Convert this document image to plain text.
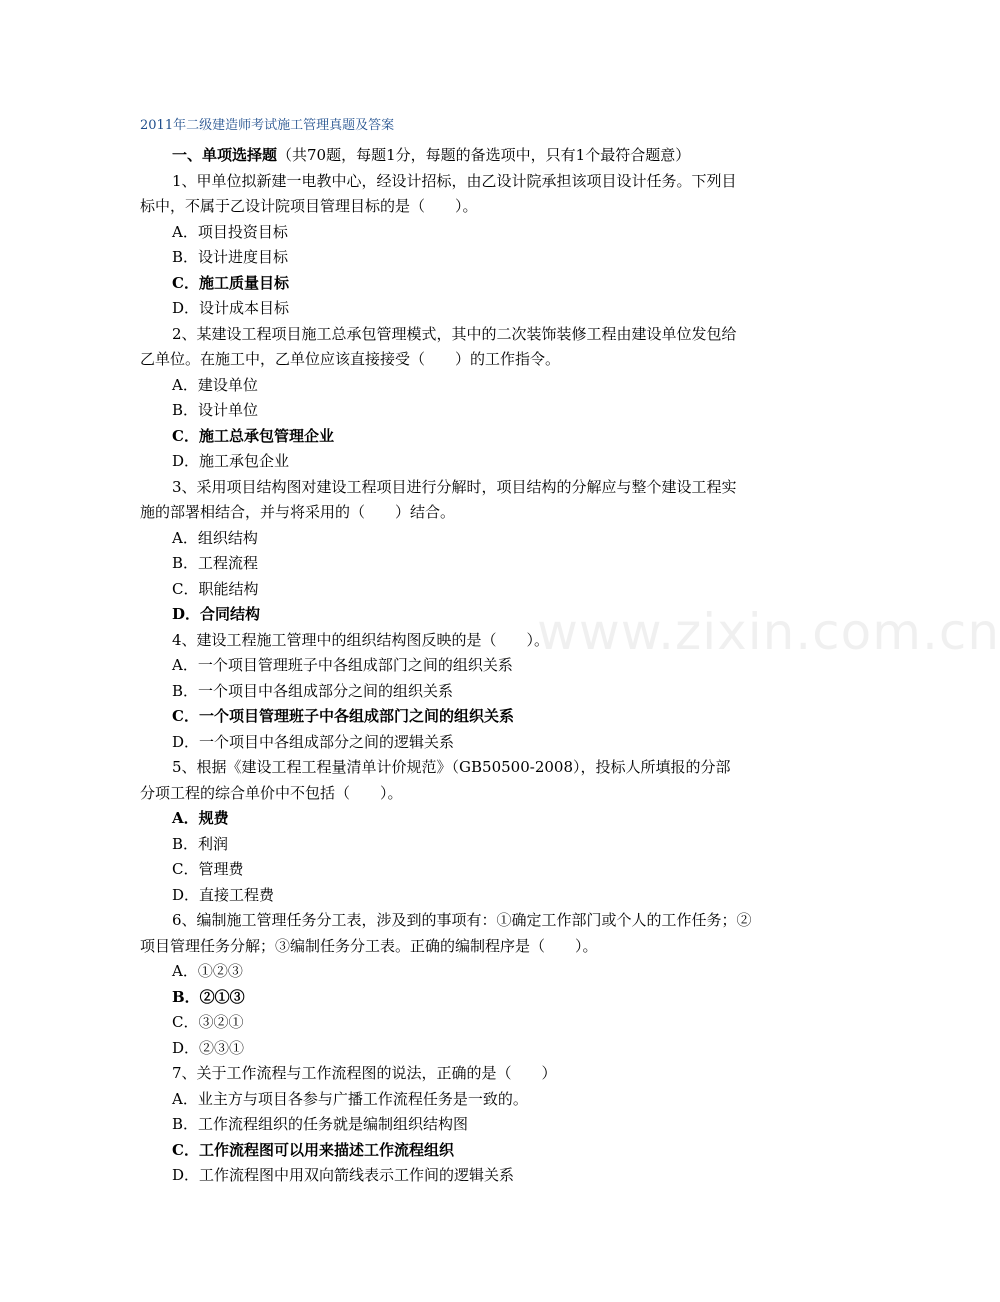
2011年二级建造师考试施工管理真题及答案
一、单项选择题（共70题，每题1分，每题的备选项中，只有1个最符合题意）
1、甲单位拟新建一电教中心，经设计招标，由乙设计院承担该项目设计任务。下列目
标中，不属于乙设计院项目管理目标的是（　　）。
A．项目投资目标
B．设计进度目标
C．施工质量目标
D．设计成本目标
2、某建设工程项目施工总承包管理模式，其中的二次装饰装修工程由建设单位发包给
乙单位。在施工中，乙单位应该直接接受（　　）的工作指令。
A．建设单位
B．设计单位
C．施工总承包管理企业
D．施工承包企业
3、采用项目结构图对建设工程项目进行分解时，项目结构的分解应与整个建设工程实
施的部署相结合，并与将采用的（　　）结合。
A．组织结构
B．工程流程
C．职能结构
D．合同结构
4、建设工程施工管理中的组织结构图反映的是（　　）。
A．一个项目管理班子中各组成部门之间的组织关系
B．一个项目中各组成部分之间的组织关系
C．一个项目管理班子中各组成部门之间的组织关系
D．一个项目中各组成部分之间的逻辑关系
5、根据《建设工程工程量清单计价规范》（GB50500-2008），投标人所填报的分部
分项工程的综合单价中不包括（　　）。
A．规费
B．利润
C．管理费
D．直接工程费
6、编制施工管理任务分工表，涉及到的事项有：①确定工作部门或个人的工作任务；②
项目管理任务分解；③编制任务分工表。正确的编制程序是（　　）。
A．①②③
B．②①③
C．③②①
D．②③①
7、关于工作流程与工作流程图的说法，正确的是（　　）
A．业主方与项目各参与广播工作流程任务是一致的。
B．工作流程组织的任务就是编制组织结构图
C．工作流程图可以用来描述工作流程组织
D．工作流程图中用双向箭线表示工作间的逻辑关系
www.zixin.com.cn
